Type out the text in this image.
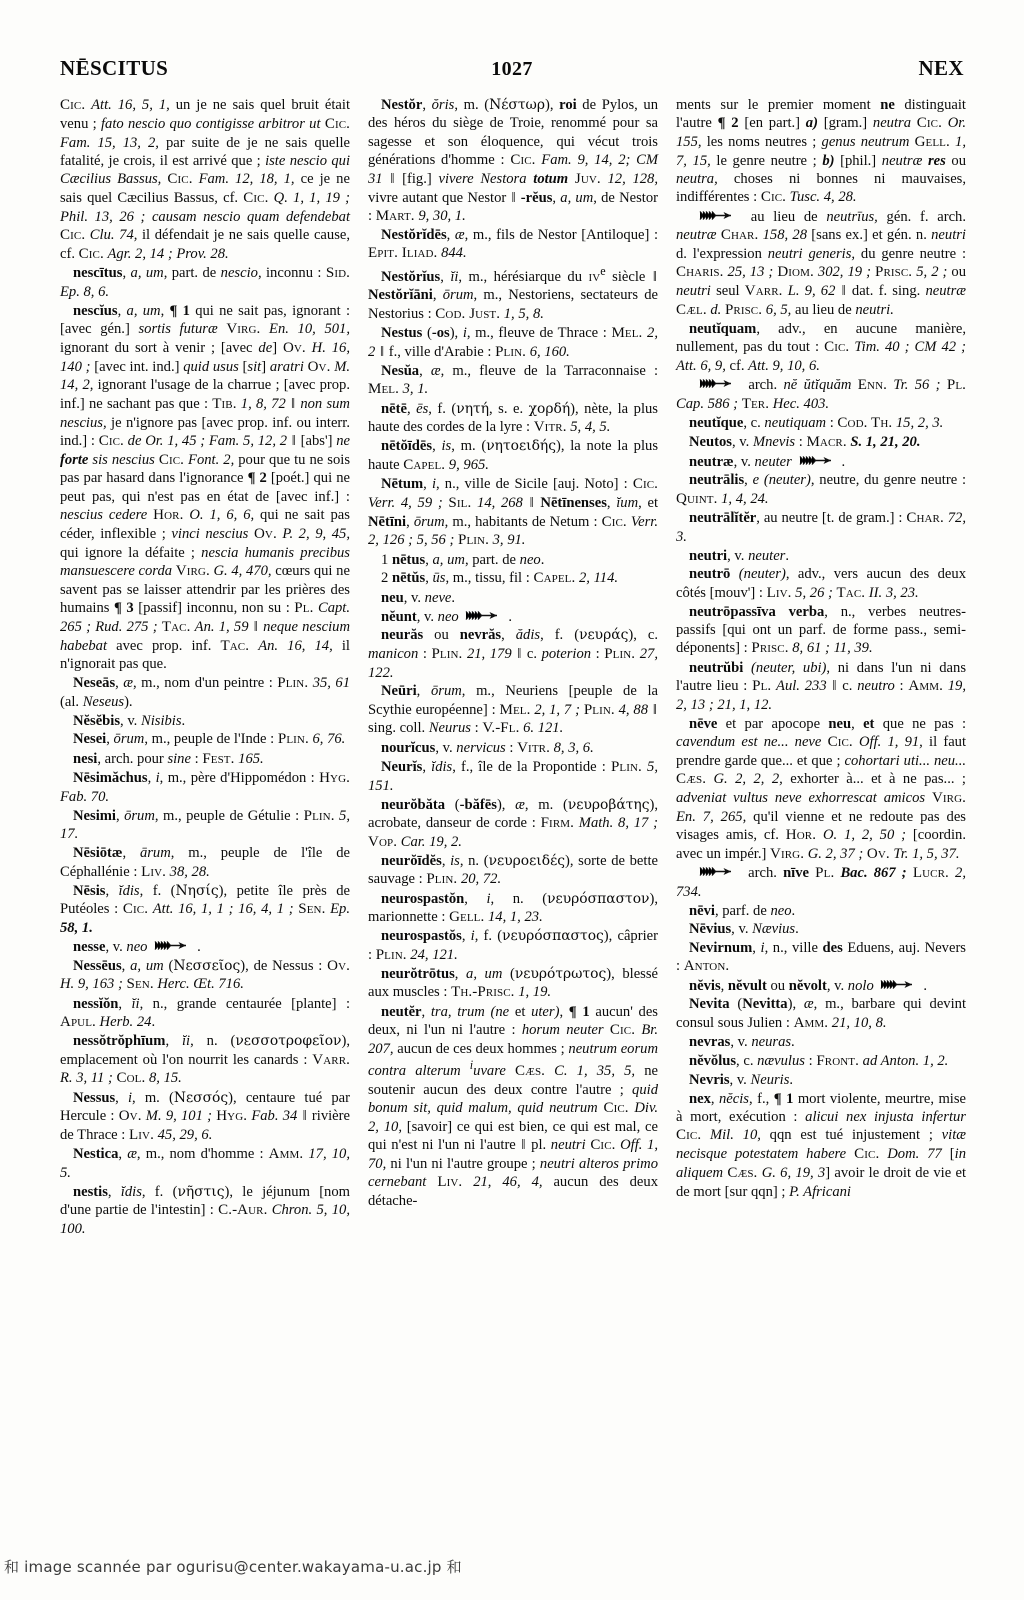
NĒSCITUS	1027	NEX

Cic. Att. 16, 5, 1, un je ne sais quel bruit était venu ; fato nescio quo contigisse arbitror ut Cic. Fam. 15, 13, 2, par suite de je ne sais quelle fatalité, je crois, il est arrivé que ; iste nescio qui Cæcilius Bassus, Cic. Fam. 12, 18, 1, ce je ne sais quel Cæcilius Bassus, cf. Cic. Q. 1, 1, 19 ; Phil. 13, 26 ; causam nescio quam defendebat Cic. Clu. 74, il défendait je ne sais quelle cause, cf. Cic. Agr. 2, 14 ; Prov. 28.

nescītus, a, um, part. de nescio, inconnu : Sid. Ep. 8, 6.

nescĭus, a, um, ¶ 1 qui ne sait pas, ignorant : [avec gén.] sortis futuræ Virg. En. 10, 501, ignorant du sort à venir ; [avec de] Ov. H. 16, 140 ; [avec int. ind.] quid usus [sit] aratri Ov. M. 14, 2, ignorant l'usage de la charrue ; [avec prop. inf.] ne sachant pas que : Tib. 1, 8, 72 ‖ non sum nescius, je n'ignore pas [avec prop. inf. ou interr. ind.] : Cic. de Or. 1, 45 ; Fam. 5, 12, 2 ‖ [abs'] ne forte sis nescius Cic. Font. 2, pour que tu ne sois pas par hasard dans l'ignorance ¶ 2 [poét.] qui ne peut pas, qui n'est pas en état de [avec inf.] : nescius cedere Hor. O. 1, 6, 6, qui ne sait pas céder, inflexible ; vinci nescius Ov. P. 2, 9, 45, qui ignore la défaite ; nescia humanis precibus mansuescere corda Virg. G. 4, 470, cœurs qui ne savent pas se laisser attendrir par les prières des humains ¶ 3 [passif] inconnu, non su : Pl. Capt. 265 ; Rud. 275 ; Tac. An. 1, 59 ‖ neque nescium habebat avec prop. inf. Tac. An. 16, 14, il n'ignorait pas que.

Neseās, æ, m., nom d'un peintre : Plin. 35, 61 (al. Neseus).

Nĕsĕbis, v. Nisibis.

Nesei, ōrum, m., peuple de l'Inde : Plin. 6, 76.

nesi, arch. pour sine : Fest. 165.

Nēsimăchus, i, m., père d'Hippomédon : Hyg. Fab. 70.

Nesimi, ōrum, m., peuple de Gétulie : Plin. 5, 17.

Nēsiōtæ, ārum, m., peuple de l'île de Céphallénie : Liv. 38, 28.

Nēsis, ĭdis, f. (Νησίς), petite île près de Putéoles : Cic. Att. 16, 1, 1 ; 16, 4, 1 ; Sen. Ep. 58, 1.

nesse, v. neo	.

Nessēus, a, um (Νεσσεῖος), de Nessus : Ov. H. 9, 163 ; Sen. Herc. Œt. 716.

nessĭŏn, ĭi, n., grande centaurée [plante] : Apul. Herb. 24.

nessŏtrŏphīum, ĭi, n. (νεσσοτροφεῖον), emplacement où l'on nourrit les canards : Varr. R. 3, 11 ; Col. 8, 15.

Nessus, i, m. (Νεσσός), centaure tué par Hercule : Ov. M. 9, 101 ; Hyg. Fab. 34 ‖ rivière de Thrace : Liv. 45, 29, 6.

Nestica, æ, m., nom d'homme : Amm. 17, 10, 5.

nestis, ĭdis, f. (νῆστις), le jéjunum [nom d'une partie de l'intestin] : C.-Aur. Chron. 5, 10, 100.

Nestŏr, ŏris, m. (Νέστωρ), roi de Pylos, un des héros du siège de Troie, renommé pour sa sagesse et son éloquence, qui vécut trois générations d'homme : Cic. Fam. 9, 14, 2; CM 31 ‖ [fig.] vivere Nestora totum Juv. 12, 128, vivre autant que Nestor ‖ -rĕus, a, um, de Nestor : Mart. 9, 30, 1.

Nestŏrĭdēs, æ, m., fils de Nestor [Antiloque] : Epit. Iliad. 844.

Nestŏrĭus, ĭi, m., hérésiarque du $iv^e$ siècle ‖ Nestŏrĭāni, ōrum, m., Nestoriens, sectateurs de Nestorius : Cod. Just. 1, 5, 8.

Nestus (-os), i, m., fleuve de Thrace : Mel. 2, 2 ‖ f., ville d'Arabie : Plin. 6, 160.

Nesŭa, æ, m., fleuve de la Tarraconnaise : Mel. 3, 1.

nētē, ēs, f. (νητή, s. e. χορδή), nète, la plus haute des cordes de la lyre : Vitr. 5, 4, 5.

nētŏīdēs, is, m. (νητοειδής), la note la plus haute Capel. 9, 965.

Nētum, i, n., ville de Sicile [auj. Noto] : Cic. Verr. 4, 59 ; Sil. 14, 268 ‖ Nētīnenses, ĭum, et Nētīni, ōrum, m., habitants de Netum : Cic. Verr. 2, 126 ; 5, 56 ; Plin. 3, 91.

1 nētus, a, um, part. de neo.

2 nētŭs, ūs, m., tissu, fil : Capel. 2, 114.

neu, v. neve.

nĕunt, v. neo	.

neurăs ou nevrăs, ădis, f. (νευράς), c. manicon : Plin. 21, 179 ‖ c. poterion : Plin. 27, 122.

Neūri, ōrum, m., Neuriens [peuple de la Scythie européenne] : Mel. 2, 1, 7 ; Plin. 4, 88 ‖ sing. coll. Neurus : V.-Fl. 6. 121.

nourĭcus, v. nervicus : Vitr. 8, 3, 6.

Neurĭs, ĭdis, f., île de la Propontide : Plin. 5, 151.

neurŏbăta (-băfēs), æ, m. (νευροβάτης), acrobate, danseur de corde : Firm. Math. 8, 17 ; Vop. Car. 19, 2.

neurŏīdĕs, is, n. (νευροειδές), sorte de bette sauvage : Plin. 20, 72.

neurospastŏn, i, n. (νευρόσπαστον), marionnette : Gell. 14, 1, 23.

neurospastŏs, i, f. (νευρόσπαστος), câprier : Plin. 24, 121.

neurŏtrōtus, a, um (νευρότρωτος), blessé aux muscles : Th.-Prisc. 1, 19.

neutĕr, tra, trum (ne et uter), ¶ 1 aucun' des deux, ni l'un ni l'autre : horum neuter Cic. Br. 207, aucun de ces deux hommes ; neutrum eorum contra alterum $^i$uvare Cæs. C. 1, 35, 5, ne soutenir aucun des deux contre l'autre ; quid bonum sit, quid malum, quid neutrum Cic. Div. 2, 10, [savoir] ce qui est bien, ce qui est mal, ce qui n'est ni l'un ni l'autre ‖ pl. neutri Cic. Off. 1, 70, ni l'un ni l'autre groupe ; neutri alteros primo cernebant Liv. 21, 46, 4, aucun des deux détache-

ments sur le premier moment ne distinguait l'autre ¶ 2 [en part.] a) [gram.] neutra Cic. Or. 155, les noms neutres ; genus neutrum Gell. 1, 7, 15, le genre neutre ; b) [phil.] neutræ res ou neutra, choses ni bonnes ni mauvaises, indifférentes : Cic. Tusc. 4, 28.

au lieu de neutrīus, gén. f. arch. neutræ Char. 158, 28 [sans ex.] et gén. n. neutri d. l'expression neutri generis, du genre neutre : Charis. 25, 13 ; Diom. 302, 19 ; Prisc. 5, 2 ; ou neutri seul Varr. L. 9, 62 ‖ dat. f. sing. neutræ Cæl. d. Prisc. 6, 5, au lieu de neutri.

neutĭquam, adv., en aucune manière, nullement, pas du tout : Cic. Tim. 40 ; CM 42 ; Att. 6, 9, cf. Att. 9, 10, 6.

arch. nĕ ŭtĭquăm Enn. Tr. 56 ; Pl. Cap. 586 ; Ter. Hec. 403.

neutĭque, c. neutiquam : Cod. Th. 15, 2, 3.

Neutos, v. Mnevis : Macr. S. 1, 21, 20.

neutræ, v. neuter	.

neutrālis, e (neuter), neutre, du genre neutre : Quint. 1, 4, 24.

neutrālĭtĕr, au neutre [t. de gram.] : Char. 72, 3.

neutri, v. neuter.

neutrō (neuter), adv., vers aucun des deux côtés [mouv'] : Liv. 5, 26 ; Tac. II. 3, 23.

neutrōpassīva verba, n., verbes neutres-passifs [qui ont un parf. de forme pass., semi-déponents] : Prisc. 8, 61 ; 11, 39.

neutrŭbi (neuter, ubi), ni dans l'un ni dans l'autre lieu : Pl. Aul. 233 ‖ c. neutro : Amm. 19, 2, 13 ; 21, 1, 12.

nēve et par apocope neu, et que ne pas : cavendum est ne... neve Cic. Off. 1, 91, il faut prendre garde que... et que ; cohortari uti... neu... Cæs. G. 2, 2, 2, exhorter à... et à ne pas... ; adveniat vultus neve exhorrescat amicos Virg. En. 7, 265, qu'il vienne et ne redoute pas des visages amis, cf. Hor. O. 1, 2, 50 ; [coordin. avec un impér.] Virg. G. 2, 37 ; Ov. Tr. 1, 5, 37.

arch. nīve Pl. Bac. 867 ; Lucr. 2, 734.

nēvi, parf. de neo.

Nēvius, v. Nævius.

Nevirnum, i, n., ville des Eduens, auj. Nevers : Anton.

nĕvis, nĕvult ou nĕvolt, v. nolo	.

Nevita (Nevitta), æ, m., barbare qui devint consul sous Julien : Amm. 21, 10, 8.

nevras, v. neuras.

nĕvŏlus, c. nævulus : Front. ad Anton. 1, 2.

Nevris, v. Neuris.

nex, nĕcis, f., ¶ 1 mort violente, meurtre, mise à mort, exécution : alicui nex injusta infertur Cic. Mil. 10, qqn est tué injustement ; vitæ necisque potestatem habere Cic. Dom. 77 [in aliquem Cæs. G. 6, 19, 3] avoir le droit de vie et de mort [sur qqn] ; P. Africani

和 image scannée par ogurisu@center.wakayama-u.ac.jp 和
